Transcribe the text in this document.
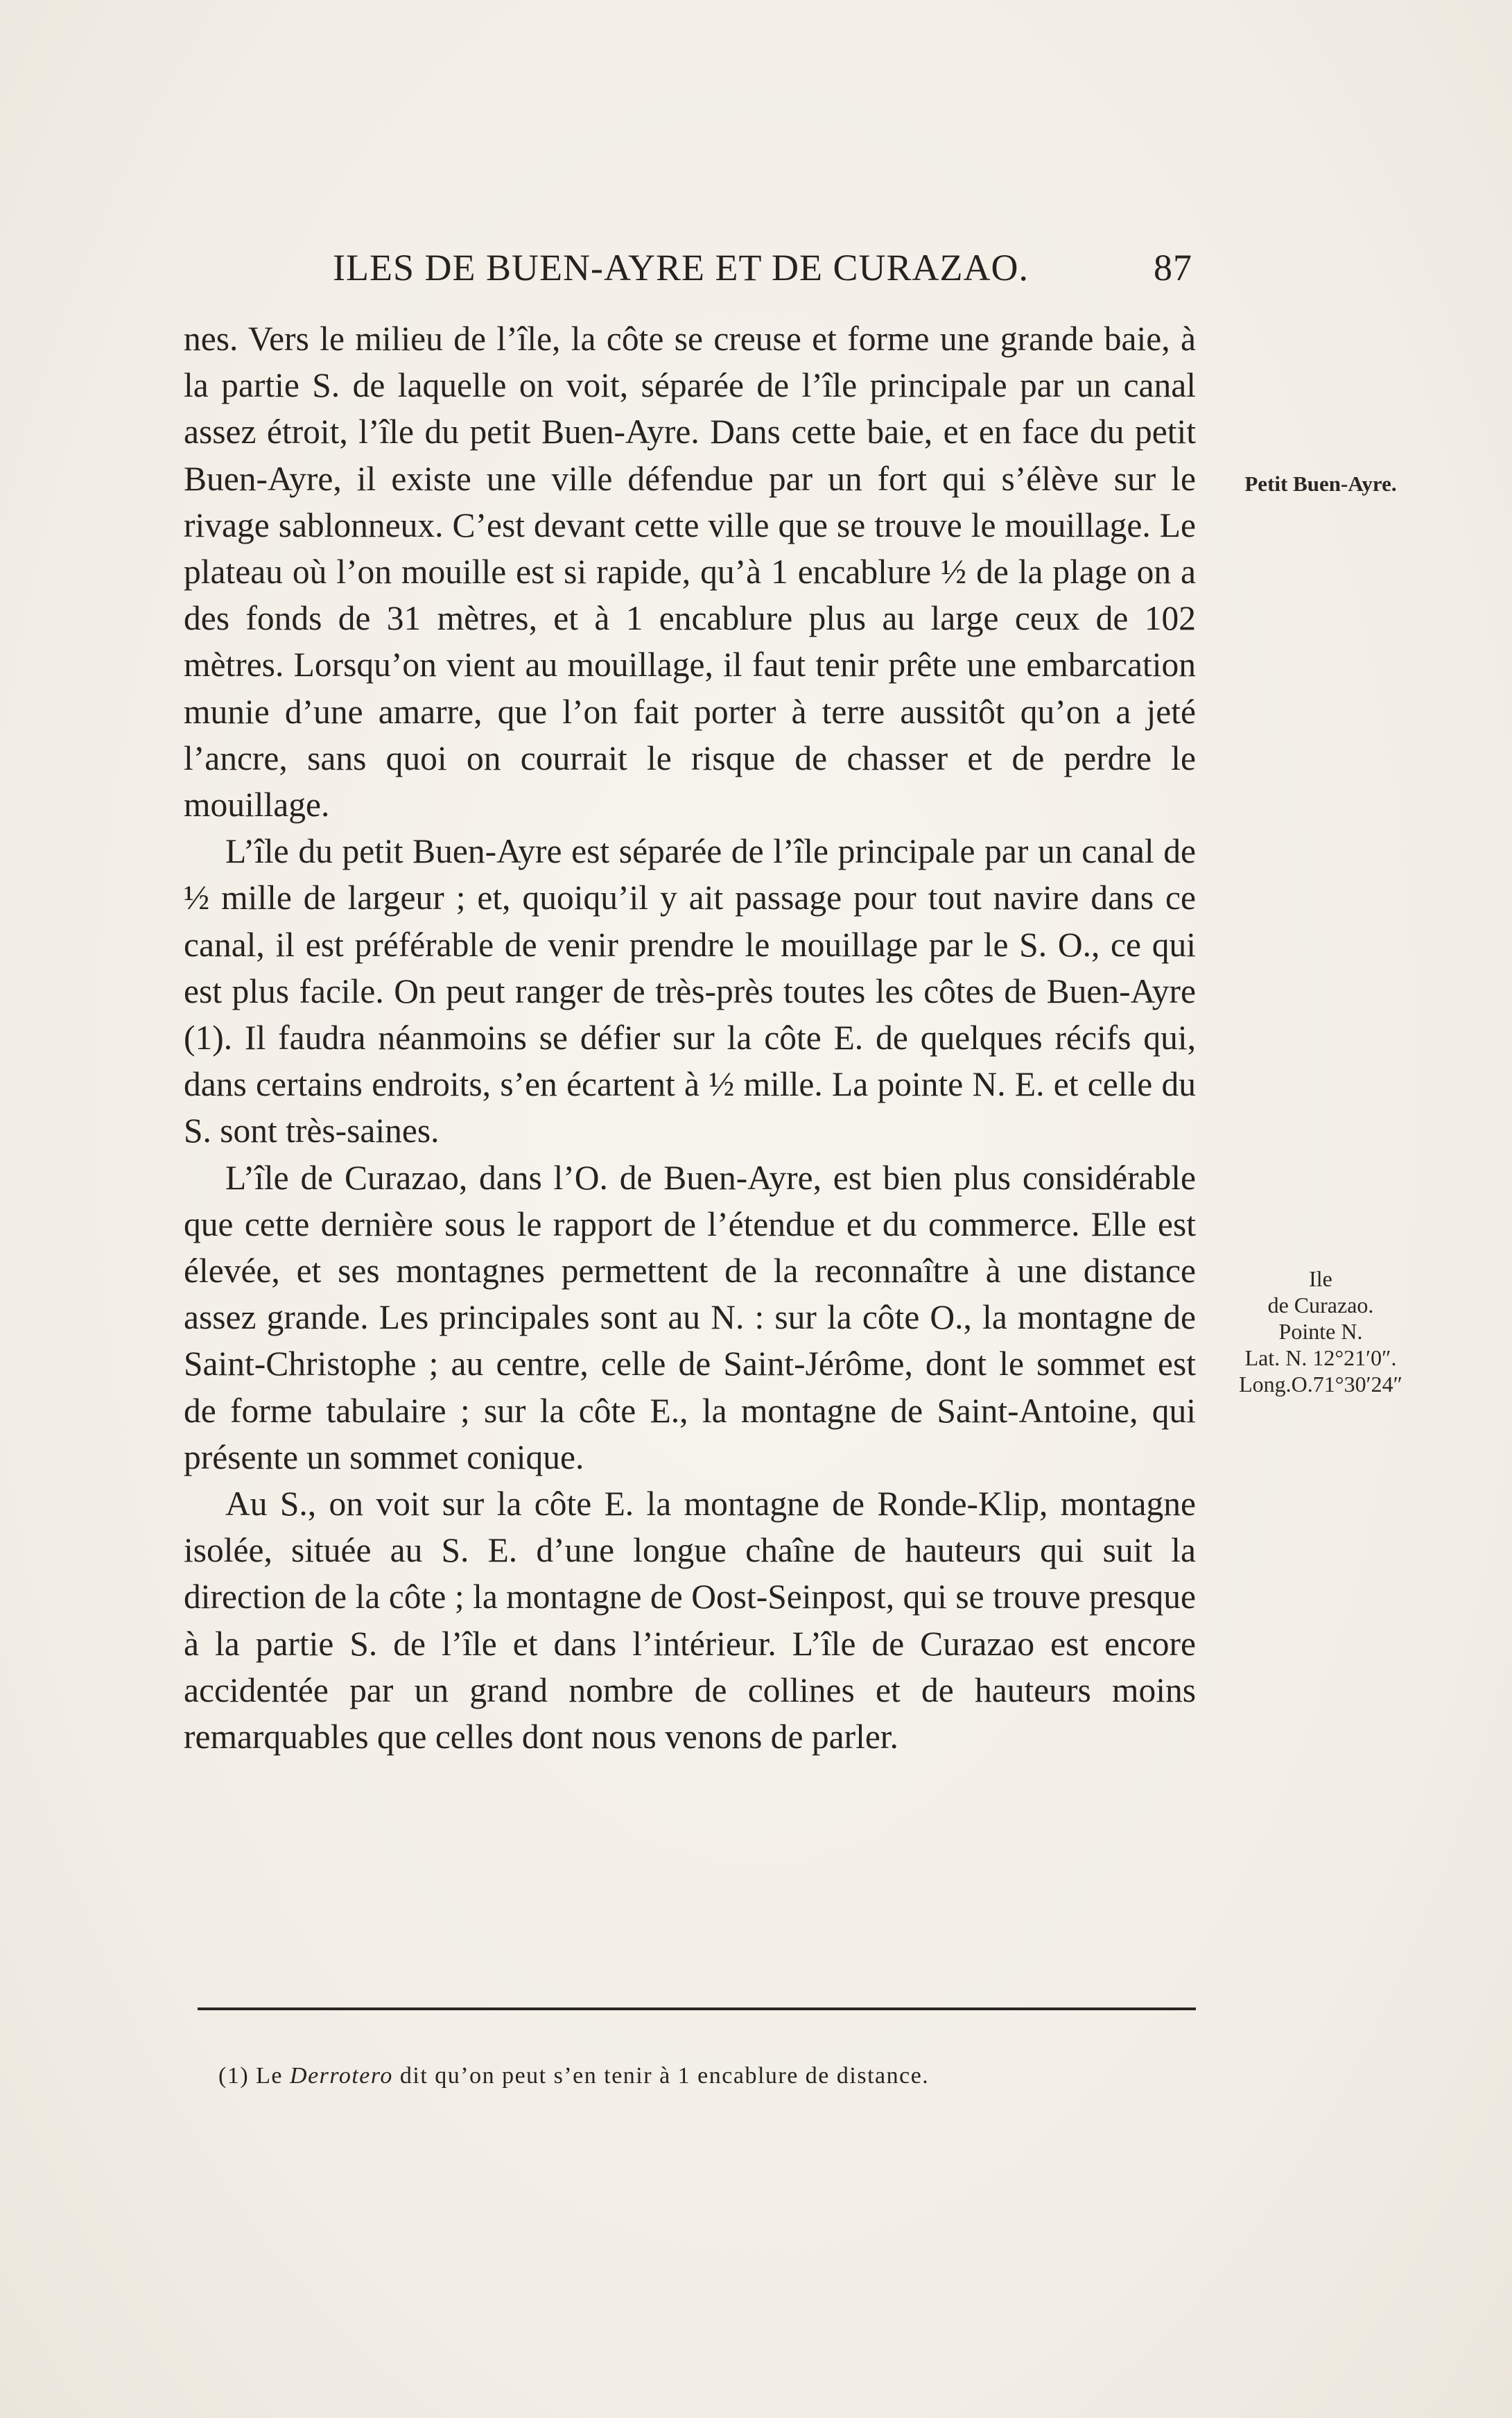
ILES DE BUEN-AYRE ET DE CURAZAO.	87

nes. Vers le milieu de l’île, la côte se creuse et forme une grande baie, à la partie S. de laquelle on voit, séparée de l’île principale par un canal assez étroit, l’île du petit Buen-Ayre. Dans cette baie, et en face du petit Buen-Ayre, il existe une ville défendue par un fort qui s’élève sur le rivage sablonneux. C’est devant cette ville que se trouve le mouillage. Le plateau où l’on mouille est si rapide, qu’à 1 encablure ½ de la plage on a des fonds de 31 mètres, et à 1 encablure plus au large ceux de 102 mètres. Lorsqu’on vient au mouillage, il faut tenir prête une embarcation munie d’une amarre, que l’on fait porter à terre aussitôt qu’on a jeté l’ancre, sans quoi on courrait le risque de chasser et de perdre le mouillage.

L’île du petit Buen-Ayre est séparée de l’île principale par un canal de ½ mille de largeur ; et, quoiqu’il y ait passage pour tout navire dans ce canal, il est préférable de venir prendre le mouillage par le S. O., ce qui est plus facile. On peut ranger de très-près toutes les côtes de Buen-Ayre (1). Il faudra néanmoins se défier sur la côte E. de quelques récifs qui, dans certains endroits, s’en écartent à ½ mille. La pointe N. E. et celle du S. sont très-saines.

L’île de Curazao, dans l’O. de Buen-Ayre, est bien plus considérable que cette dernière sous le rapport de l’étendue et du commerce. Elle est élevée, et ses montagnes permettent de la reconnaître à une distance assez grande. Les principales sont au N. : sur la côte O., la montagne de Saint-Christophe ; au centre, celle de Saint-Jérôme, dont le sommet est de forme tabulaire ; sur la côte E., la montagne de Saint-Antoine, qui présente un sommet conique.

Au S., on voit sur la côte E. la montagne de Ronde-Klip, montagne isolée, située au S. E. d’une longue chaîne de hauteurs qui suit la direction de la côte ; la montagne de Oost-Seinpost, qui se trouve presque à la partie S. de l’île et dans l’intérieur. L’île de Curazao est encore accidentée par un grand nombre de collines et de hauteurs moins remarquables que celles dont nous venons de parler.

Petit Buen-Ayre.
Ile
de Curazao.
Pointe N.
Lat. N. 12°21′0″.
Long.O.71°30′24″
(1) Le Derrotero dit qu’on peut s’en tenir à 1 encablure de distance.
